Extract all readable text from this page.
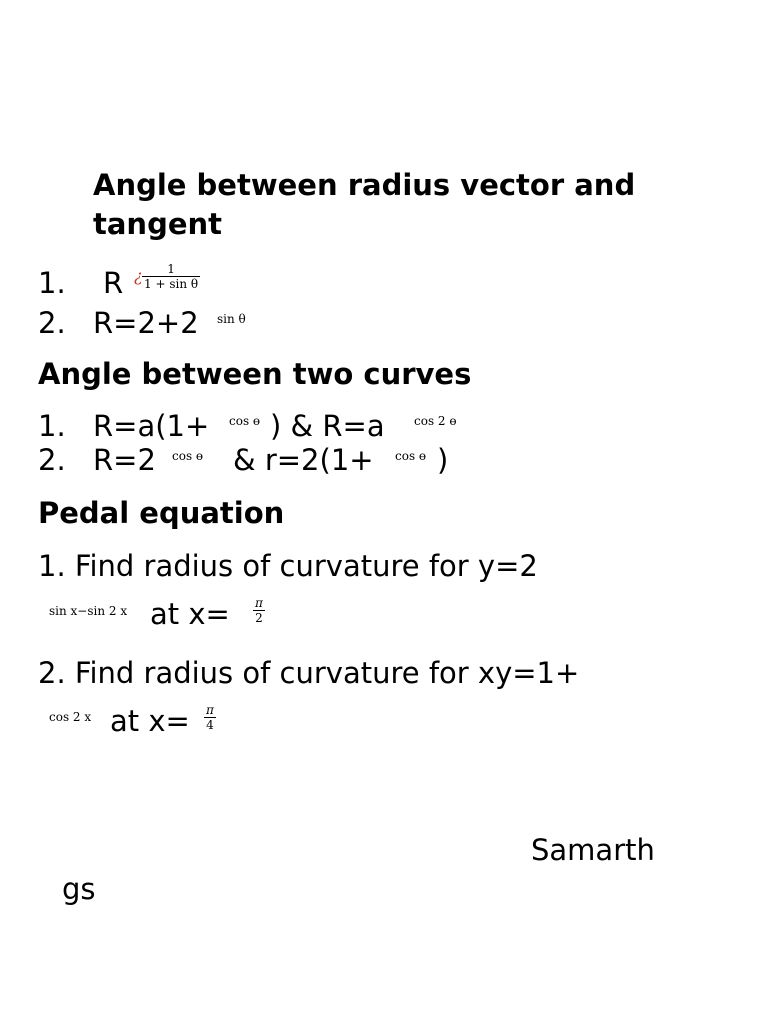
Angle between radius vector and
tangent
1. R ¿ $\frac{1}{\text{1 + sin θ}}$
2. R=2+2 sin θ
Angle between two curves
1. R=a(1+ cos ɵ ) & R=a cos 2 ɵ
2. R=2 cos ɵ & r=2(1+ cos ɵ )
Pedal equation
1. Find radius of curvature for y=2
sin x−sin 2 x at $x= \frac{\pi}{2}$
2. Find radius of curvature for xy=1+
cos 2 x at $x= \frac{\pi}{4}$
Samarth
gs
